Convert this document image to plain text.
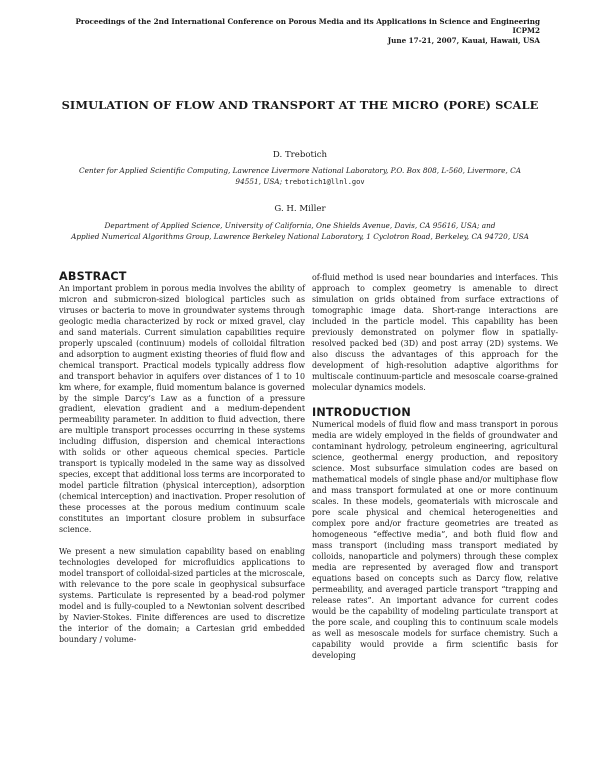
Proceedings of the 2nd International Conference on Porous Media and its Applications in Science and Engineering
ICPM2
June 17-21, 2007, Kauai, Hawaii, USA
SIMULATION OF FLOW AND TRANSPORT AT THE MICRO (PORE) SCALE
D. Trebotich
Center for Applied Scientific Computing, Lawrence Livermore National Laboratory, P.O. Box 808, L-560, Livermore, CA
94551, USA; trebotich1@llnl.gov
G. H. Miller
Department of Applied Science, University of California, One Shields Avenue, Davis, CA 95616, USA; and
Applied Numerical Algorithms Group, Lawrence Berkeley National Laboratory, 1 Cyclotron Road, Berkeley, CA 94720, USA
ABSTRACT

An important problem in porous media involves the ability of micron and submicron-sized biological particles such as viruses or bacteria to move in groundwater systems through geologic media characterized by rock or mixed gravel, clay and sand materials. Current simulation capabilities require properly upscaled (continuum) models of colloidal filtration and adsorption to augment existing theories of fluid flow and chemical transport. Practical models typically address flow and transport behavior in aquifers over distances of 1 to 10 km where, for example, fluid momentum balance is governed by the simple Darcy’s Law as a function of a pressure gradient, elevation gradient and a medium-dependent permeability parameter. In addition to fluid advection, there are multiple transport processes occurring in these systems including diffusion, dispersion and chemical interactions with solids or other aqueous chemical species. Particle transport is typically modeled in the same way as dissolved species, except that additional loss terms are incorporated to model particle filtration (physical interception), adsorption (chemical interception) and inactivation. Proper resolution of these processes at the porous medium continuum scale constitutes an important closure problem in subsurface science.

We present a new simulation capability based on enabling technologies developed for microfluidics applications to model transport of colloidal-sized particles at the microscale, with relevance to the pore scale in geophysical subsurface systems. Particulate is represented by a bead-rod polymer model and is fully-coupled to a Newtonian solvent described by Navier-Stokes. Finite differences are used to discretize the interior of the domain; a Cartesian grid embedded boundary / volume-

of-fluid method is used near boundaries and interfaces. This approach to complex geometry is amenable to direct simulation on grids obtained from surface extractions of tomographic image data. Short-range interactions are included in the particle model. This capability has been previously demonstrated on polymer flow in spatially-resolved packed bed (3D) and post array (2D) systems. We also discuss the advantages of this approach for the development of high-resolution adaptive algorithms for multiscale continuum-particle and mesoscale coarse-grained molecular dynamics models.

INTRODUCTION

Numerical models of fluid flow and mass transport in porous media are widely employed in the fields of groundwater and contaminant hydrology, petroleum engineering, agricultural science, geothermal energy production, and repository science. Most subsurface simulation codes are based on mathematical models of single phase and/or multiphase flow and mass transport formulated at one or more continuum scales. In these models, geomaterials with microscale and pore scale physical and chemical heterogeneities and complex pore and/or fracture geometries are treated as homogeneous “effective media”, and both fluid flow and mass transport (including mass transport mediated by colloids, nanoparticle and polymers) through these complex media are represented by averaged flow and transport equations based on concepts such as Darcy flow, relative permeability, and averaged particle transport “trapping and release rates”. An important advance for current codes would be the capability of modeling particulate transport at the pore scale, and coupling this to continuum scale models as well as mesoscale models for surface chemistry. Such a capability would provide a firm scientific basis for developing
